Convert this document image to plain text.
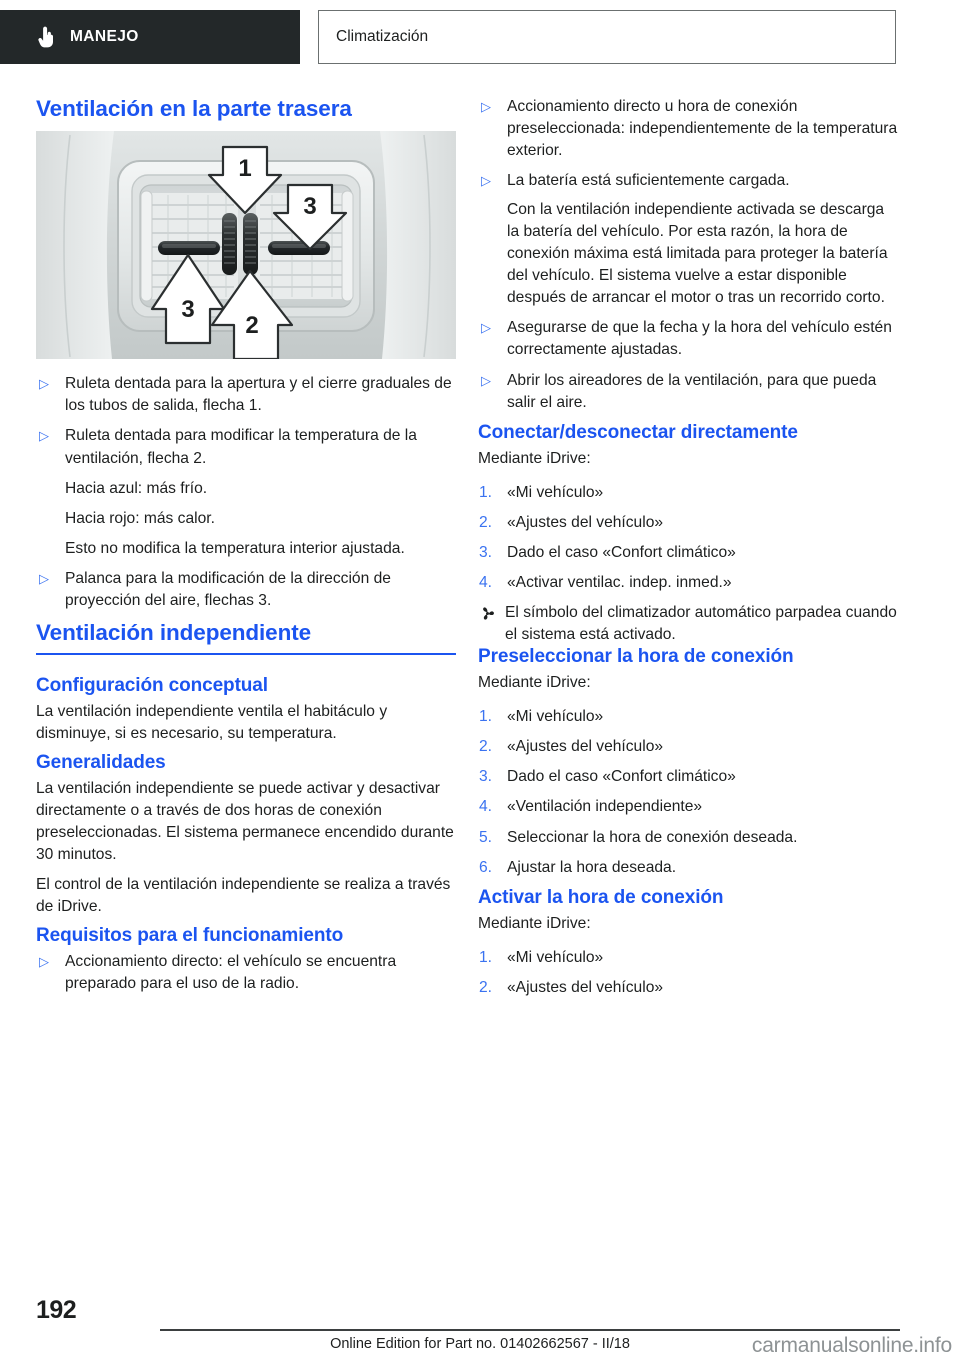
MANEJO	Climatización
Ventilación en la parte trasera
1
3
3
2
▷ Ruleta dentada para la apertura y el cierre graduales de los tubos de salida, flecha 1.
▷ Ruleta dentada para modificar la temperatura de la ventilación, flecha 2.
Hacia azul: más frío.
Hacia rojo: más calor.
Esto no modifica la temperatura interior ajustada.
▷ Palanca para la modificación de la dirección de proyección del aire, flechas 3.
Ventilación independiente
Configuración conceptual

La ventilación independiente ventila el habitáculo y disminuye, si es necesario, su temperatura.

Generalidades

La ventilación independiente se puede activar y desactivar directamente o a través de dos horas de conexión preseleccionadas. El sistema permanece encendido durante 30 minutos.

El control de la ventilación independiente se realiza a través de iDrive.

Requisitos para el funcionamiento
▷ Accionamiento directo: el vehículo se encuentra preparado para el uso de la radio.
▷ Accionamiento directo u hora de conexión preseleccionada: independientemente de la temperatura exterior.
▷ La batería está suficientemente cargada.
Con la ventilación independiente activada se descarga la batería del vehículo. Por esta razón, la hora de conexión máxima está limitada para proteger la batería del vehículo. El sistema vuelve a estar disponible después de arrancar el motor o tras un recorrido corto.
▷ Asegurarse de que la fecha y la hora del vehículo estén correctamente ajustadas.
▷ Abrir los aireadores de la ventilación, para que pueda salir el aire.
Conectar/desconectar directamente

Mediante iDrive:

1. «Mi vehículo»
2. «Ajustes del vehículo»
3. Dado el caso «Confort climático»
4. «Activar ventilac. indep. inmed.»
El símbolo del climatizador automático parpadea cuando el sistema está activado.
Preseleccionar la hora de conexión

Mediante iDrive:

1. «Mi vehículo»
2. «Ajustes del vehículo»
3. Dado el caso «Confort climático»
4. «Ventilación independiente»
5. Seleccionar la hora de conexión deseada.
6. Ajustar la hora deseada.
Activar la hora de conexión

Mediante iDrive:

1. «Mi vehículo»
2. «Ajustes del vehículo»
192
Online Edition for Part no. 01402662567 - II/18	carmanualsonline.info
